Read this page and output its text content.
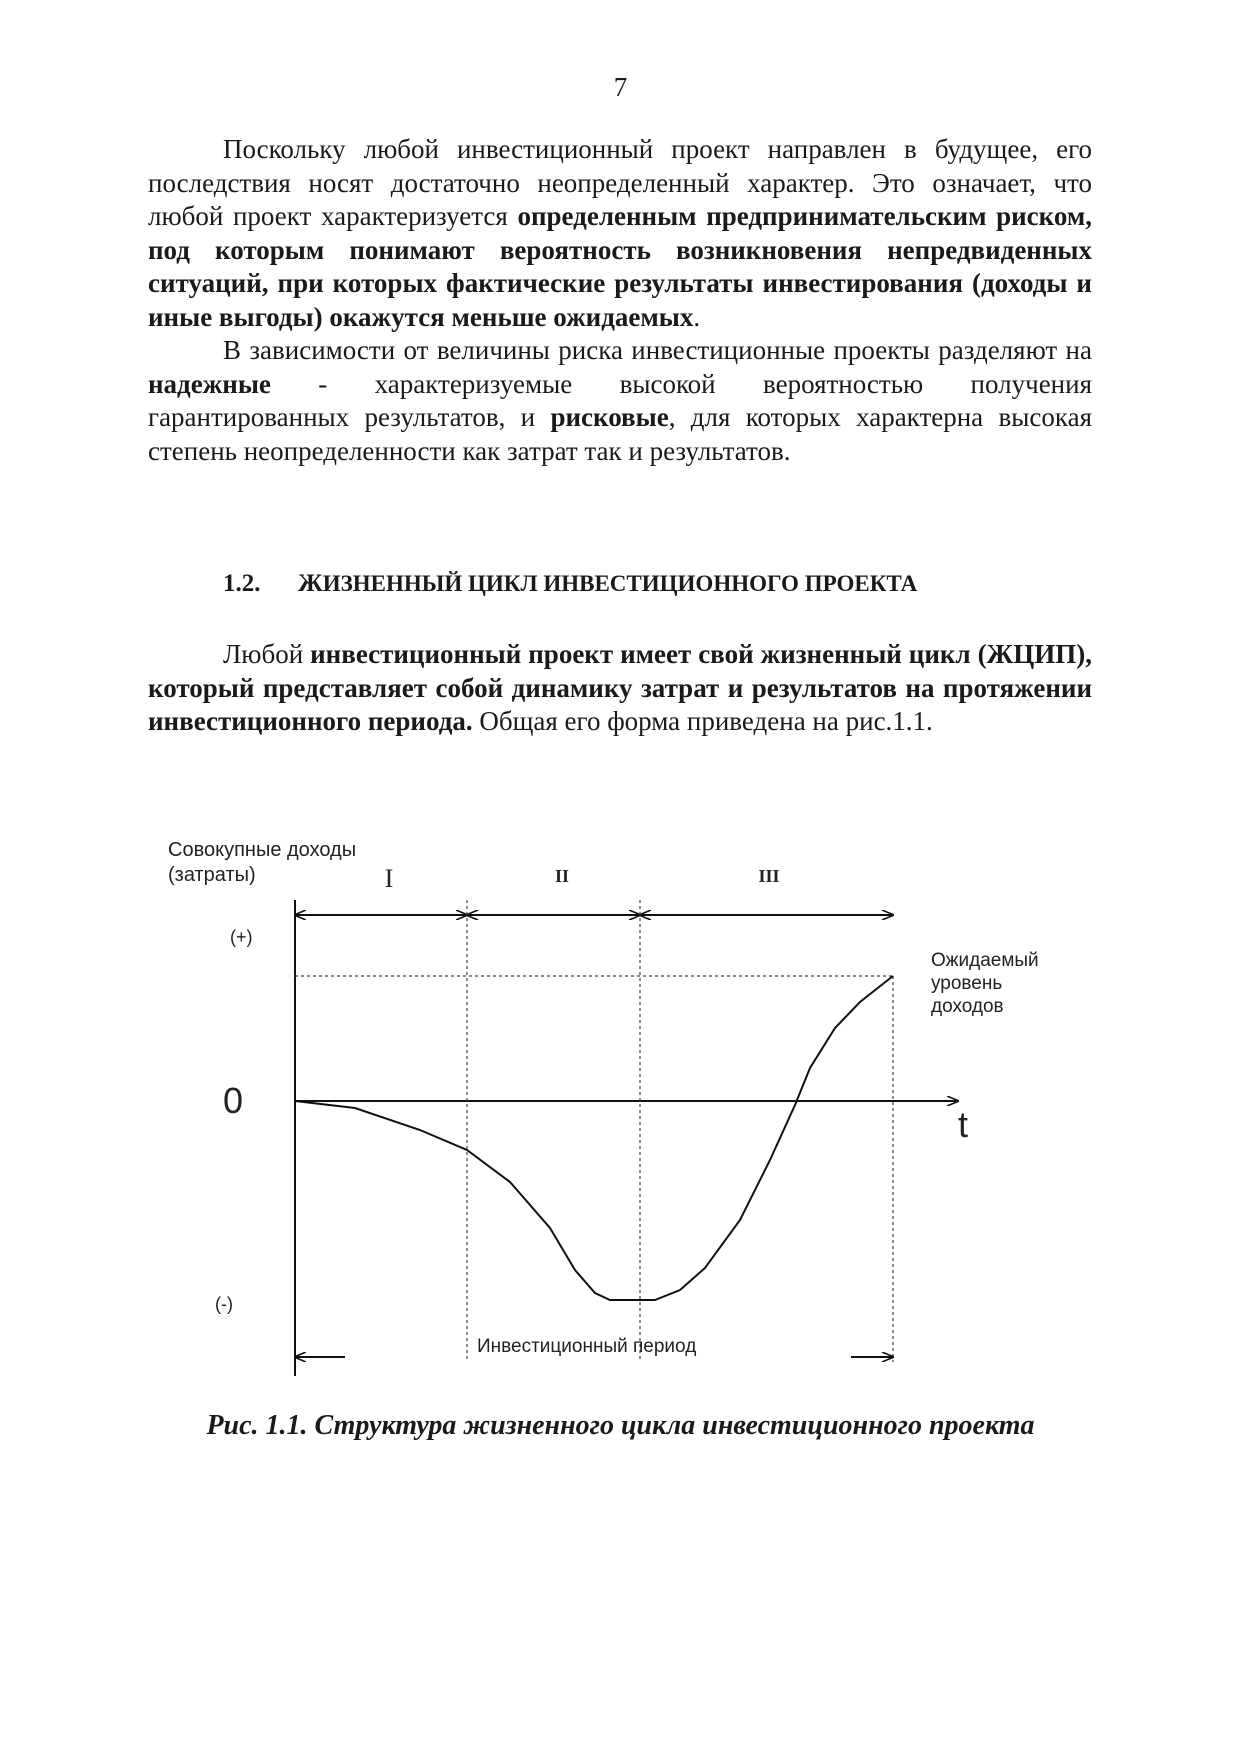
7

Поскольку любой инвестиционный проект направлен в будущее, его последствия носят достаточно неопределенный характер. Это означает, что любой проект характеризуется определенным предпринимательским риском, под которым понимают вероятность возникновения непредвиденных ситуаций, при которых фактические результаты инвестирования (доходы и иные выгоды) окажутся меньше ожидаемых.

В зависимости от величины риска инвестиционные проекты разделяют на надежные - характеризуемые высокой вероятностью получения гарантированных результатов, и рисковые, для которых характерна высокая степень неопределенности как затрат так и результатов.

1.2. ЖИЗНЕННЫЙ ЦИКЛ ИНВЕСТИЦИОННОГО ПРОЕКТА

Любой инвестиционный проект имеет свой жизненный цикл (ЖЦИП), который представляет собой динамику затрат и результатов на протяжении инвестиционного периода. Общая его форма приведена на рис.1.1.

Совокупные доходы
(затраты)	I	II	III
(+)
(-)
0
t
Ожидаемый
уровень
доходов
Инвестиционный период
Рис. 1.1. Структура жизненного цикла инвестиционного проекта
